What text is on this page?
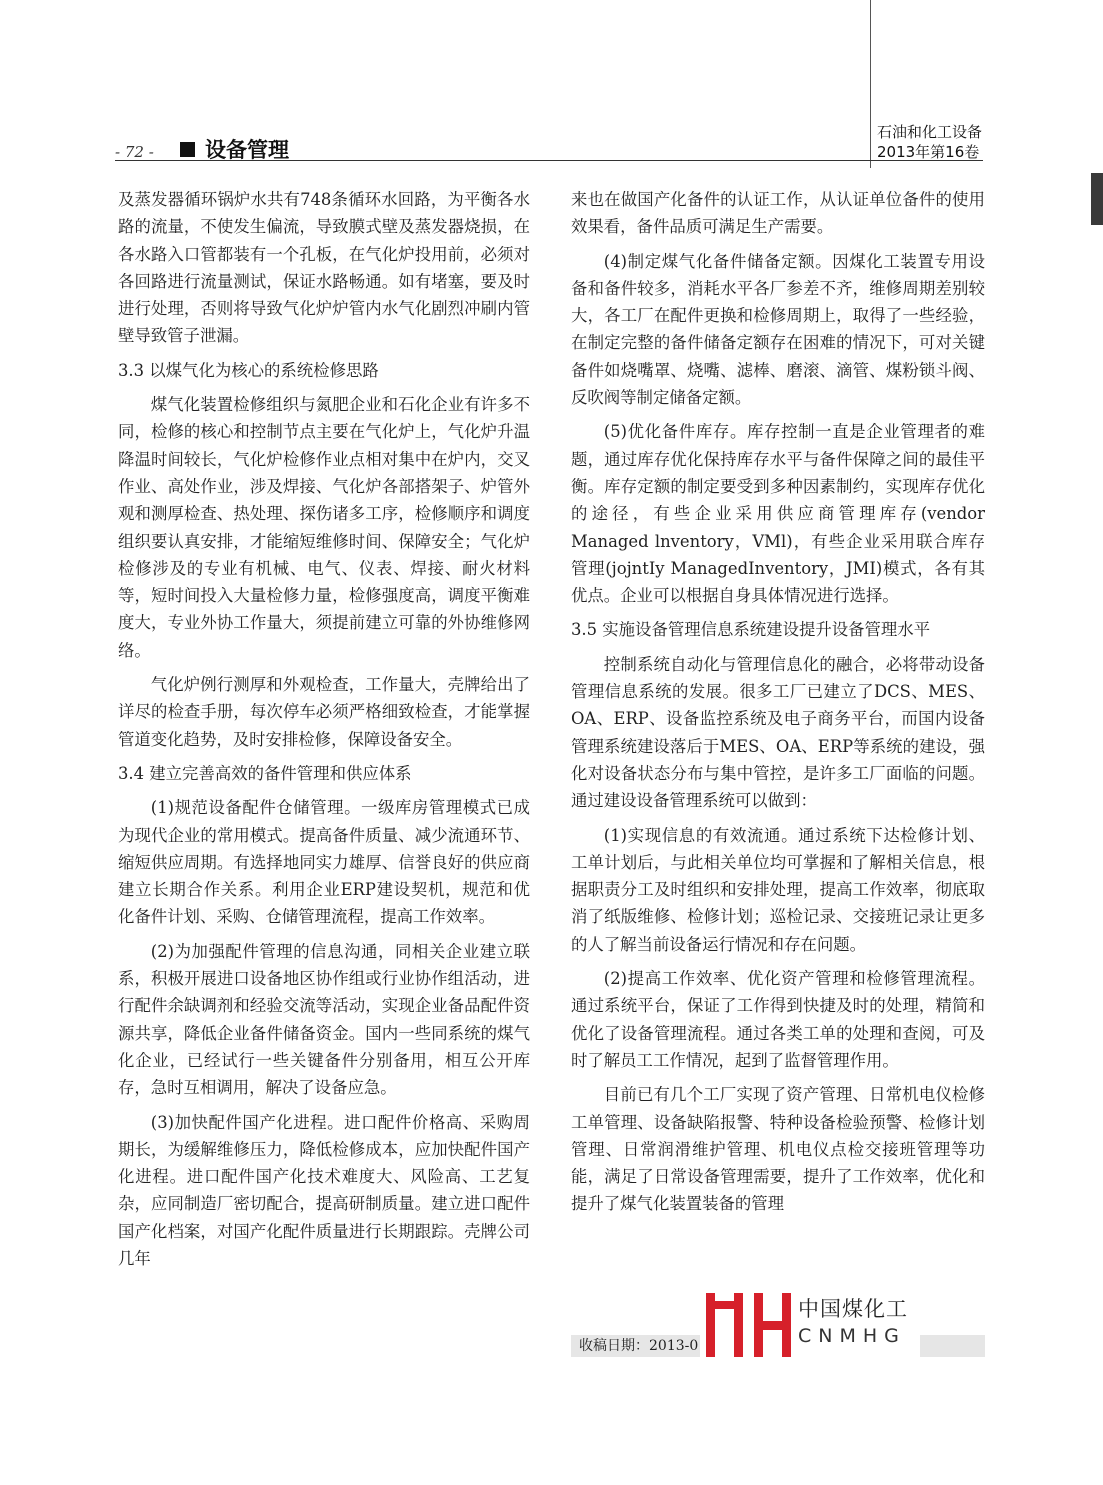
- 72 - 设备管理
石油和化工设备
2013年第16卷

及蒸发器循环锅炉水共有748条循环水回路，为平衡各水路的流量，不使发生偏流，导致膜式壁及蒸发器烧损，在各水路入口管都装有一个孔板，在气化炉投用前，必须对各回路进行流量测试，保证水路畅通。如有堵塞，要及时进行处理，否则将导致气化炉炉管内水气化剧烈冲刷内管壁导致管子泄漏。

3.3 以煤气化为核心的系统检修思路

煤气化装置检修组织与氮肥企业和石化企业有许多不同，检修的核心和控制节点主要在气化炉上，气化炉升温降温时间较长，气化炉检修作业点相对集中在炉内，交叉作业、高处作业，涉及焊接、气化炉各部搭架子、炉管外观和测厚检查、热处理、探伤诸多工序，检修顺序和调度组织要认真安排，才能缩短维修时间、保障安全；气化炉检修涉及的专业有机械、电气、仪表、焊接、耐火材料等，短时间投入大量检修力量，检修强度高，调度平衡难度大，专业外协工作量大，须提前建立可靠的外协维修网络。

气化炉例行测厚和外观检查，工作量大，壳牌给出了详尽的检查手册，每次停车必须严格细致检查，才能掌握管道变化趋势，及时安排检修，保障设备安全。

3.4 建立完善高效的备件管理和供应体系

(1)规范设备配件仓储管理。一级库房管理模式已成为现代企业的常用模式。提高备件质量、减少流通环节、缩短供应周期。有选择地同实力雄厚、信誉良好的供应商建立长期合作关系。利用企业ERP建设契机，规范和优化备件计划、采购、仓储管理流程，提高工作效率。

(2)为加强配件管理的信息沟通，同相关企业建立联系，积极开展进口设备地区协作组或行业协作组活动，进行配件余缺调剂和经验交流等活动，实现企业备品配件资源共享，降低企业备件储备资金。国内一些同系统的煤气化企业，已经试行一些关键备件分别备用，相互公开库存，急时互相调用，解决了设备应急。

(3)加快配件国产化进程。进口配件价格高、采购周期长，为缓解维修压力，降低检修成本，应加快配件国产化进程。进口配件国产化技术难度大、风险高、工艺复杂，应同制造厂密切配合，提高研制质量。建立进口配件国产化档案，对国产化配件质量进行长期跟踪。壳牌公司几年

来也在做国产化备件的认证工作，从认证单位备件的使用效果看，备件品质可满足生产需要。

(4)制定煤气化备件储备定额。因煤化工装置专用设备和备件较多，消耗水平各厂参差不齐，维修周期差别较大，各工厂在配件更换和检修周期上，取得了一些经验，在制定完整的备件储备定额存在困难的情况下，可对关键备件如烧嘴罩、烧嘴、滤棒、磨滚、滴管、煤粉锁斗阀、反吹阀等制定储备定额。

(5)优化备件库存。库存控制一直是企业管理者的难题，通过库存优化保持库存水平与备件保障之间的最佳平衡。库存定额的制定要受到多种因素制约，实现库存优化的途径，有些企业采用供应商管理库存(vendor Managed lnventory，VMl)，有些企业采用联合库存管理(jojntIy ManagedInventory，JMI)模式，各有其优点。企业可以根据自身具体情况进行选择。

3.5 实施设备管理信息系统建设提升设备管理水平

控制系统自动化与管理信息化的融合，必将带动设备管理信息系统的发展。很多工厂已建立了DCS、MES、OA、ERP、设备监控系统及电子商务平台，而国内设备管理系统建设落后于MES、OA、ERP等系统的建设，强化对设备状态分布与集中管控，是许多工厂面临的问题。通过建设设备管理系统可以做到：

(1)实现信息的有效流通。通过系统下达检修计划、工单计划后，与此相关单位均可掌握和了解相关信息，根据职责分工及时组织和安排处理，提高工作效率，彻底取消了纸版维修、检修计划；巡检记录、交接班记录让更多的人了解当前设备运行情况和存在问题。

(2)提高工作效率、优化资产管理和检修管理流程。通过系统平台，保证了工作得到快捷及时的处理，精简和优化了设备管理流程。通过各类工单的处理和查阅，可及时了解员工工作情况，起到了监督管理作用。

目前已有几个工厂实现了资产管理、日常机电仪检修工单管理、设备缺陷报警、特种设备检验预警、检修计划管理、日常润滑维护管理、机电仪点检交接班管理等功能，满足了日常设备管理需要，提升了工作效率，优化和提升了煤气化装置装备的管理

收稿日期：2013-0
中国煤化工
CNMHG
